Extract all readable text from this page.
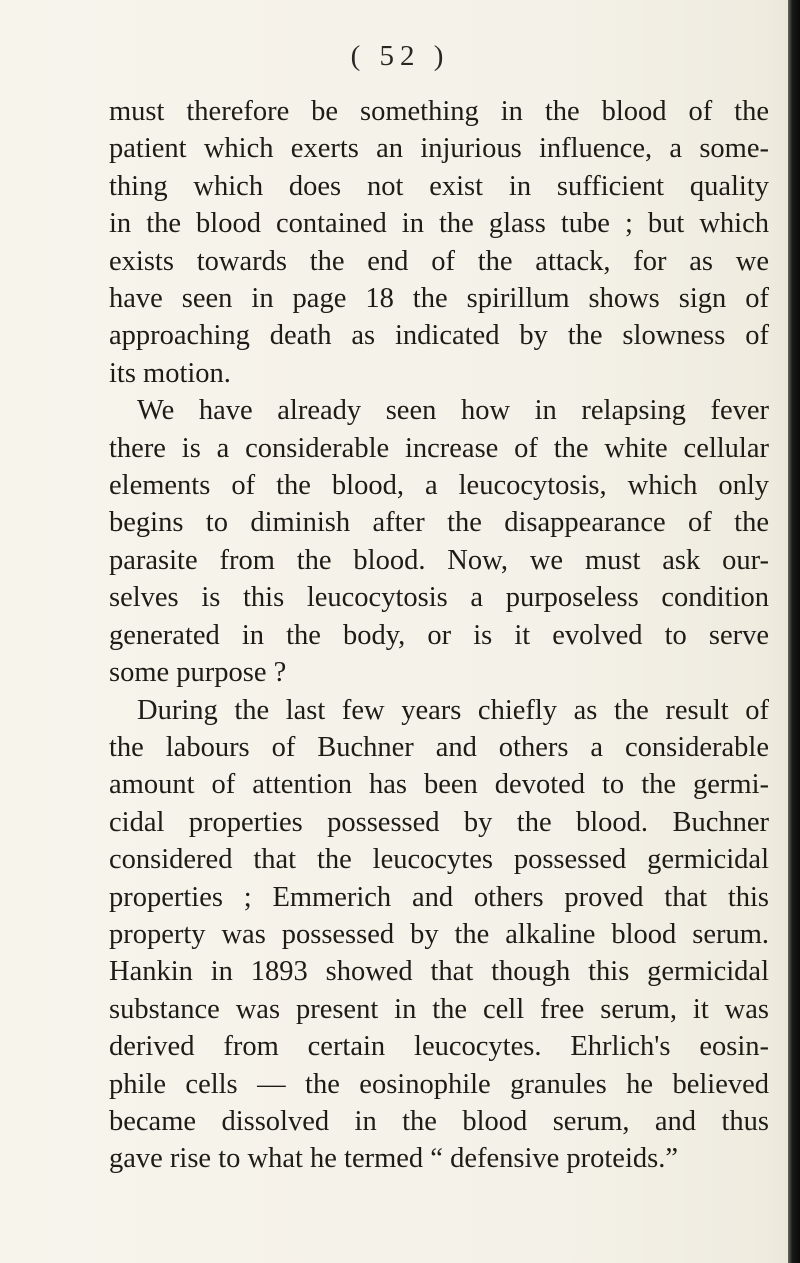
( 52 )
must therefore be something in the blood of the
patient which exerts an injurious influence, a some-
thing which does not exist in sufficient quality
in the blood contained in the glass tube ; but which
exists towards the end of the attack, for as we
have seen in page 18 the spirillum shows sign of
approaching death as indicated by the slowness of
its motion.
We have already seen how in relapsing fever
there is a considerable increase of the white cellular
elements of the blood, a leucocytosis, which only
begins to diminish after the disappearance of the
parasite from the blood. Now, we must ask our-
selves is this leucocytosis a purposeless condition
generated in the body, or is it evolved to serve
some purpose ?
During the last few years chiefly as the result of
the labours of Buchner and others a considerable
amount of attention has been devoted to the germi-
cidal properties possessed by the blood. Buchner
considered that the leucocytes possessed germicidal
properties ; Emmerich and others proved that this
property was possessed by the alkaline blood serum.
Hankin in 1893 showed that though this germicidal
substance was present in the cell free serum, it was
derived from certain leucocytes. Ehrlich's eosin-
phile cells — the eosinophile granules he believed
became dissolved in the blood serum, and thus
gave rise to what he termed “ defensive proteids.”
